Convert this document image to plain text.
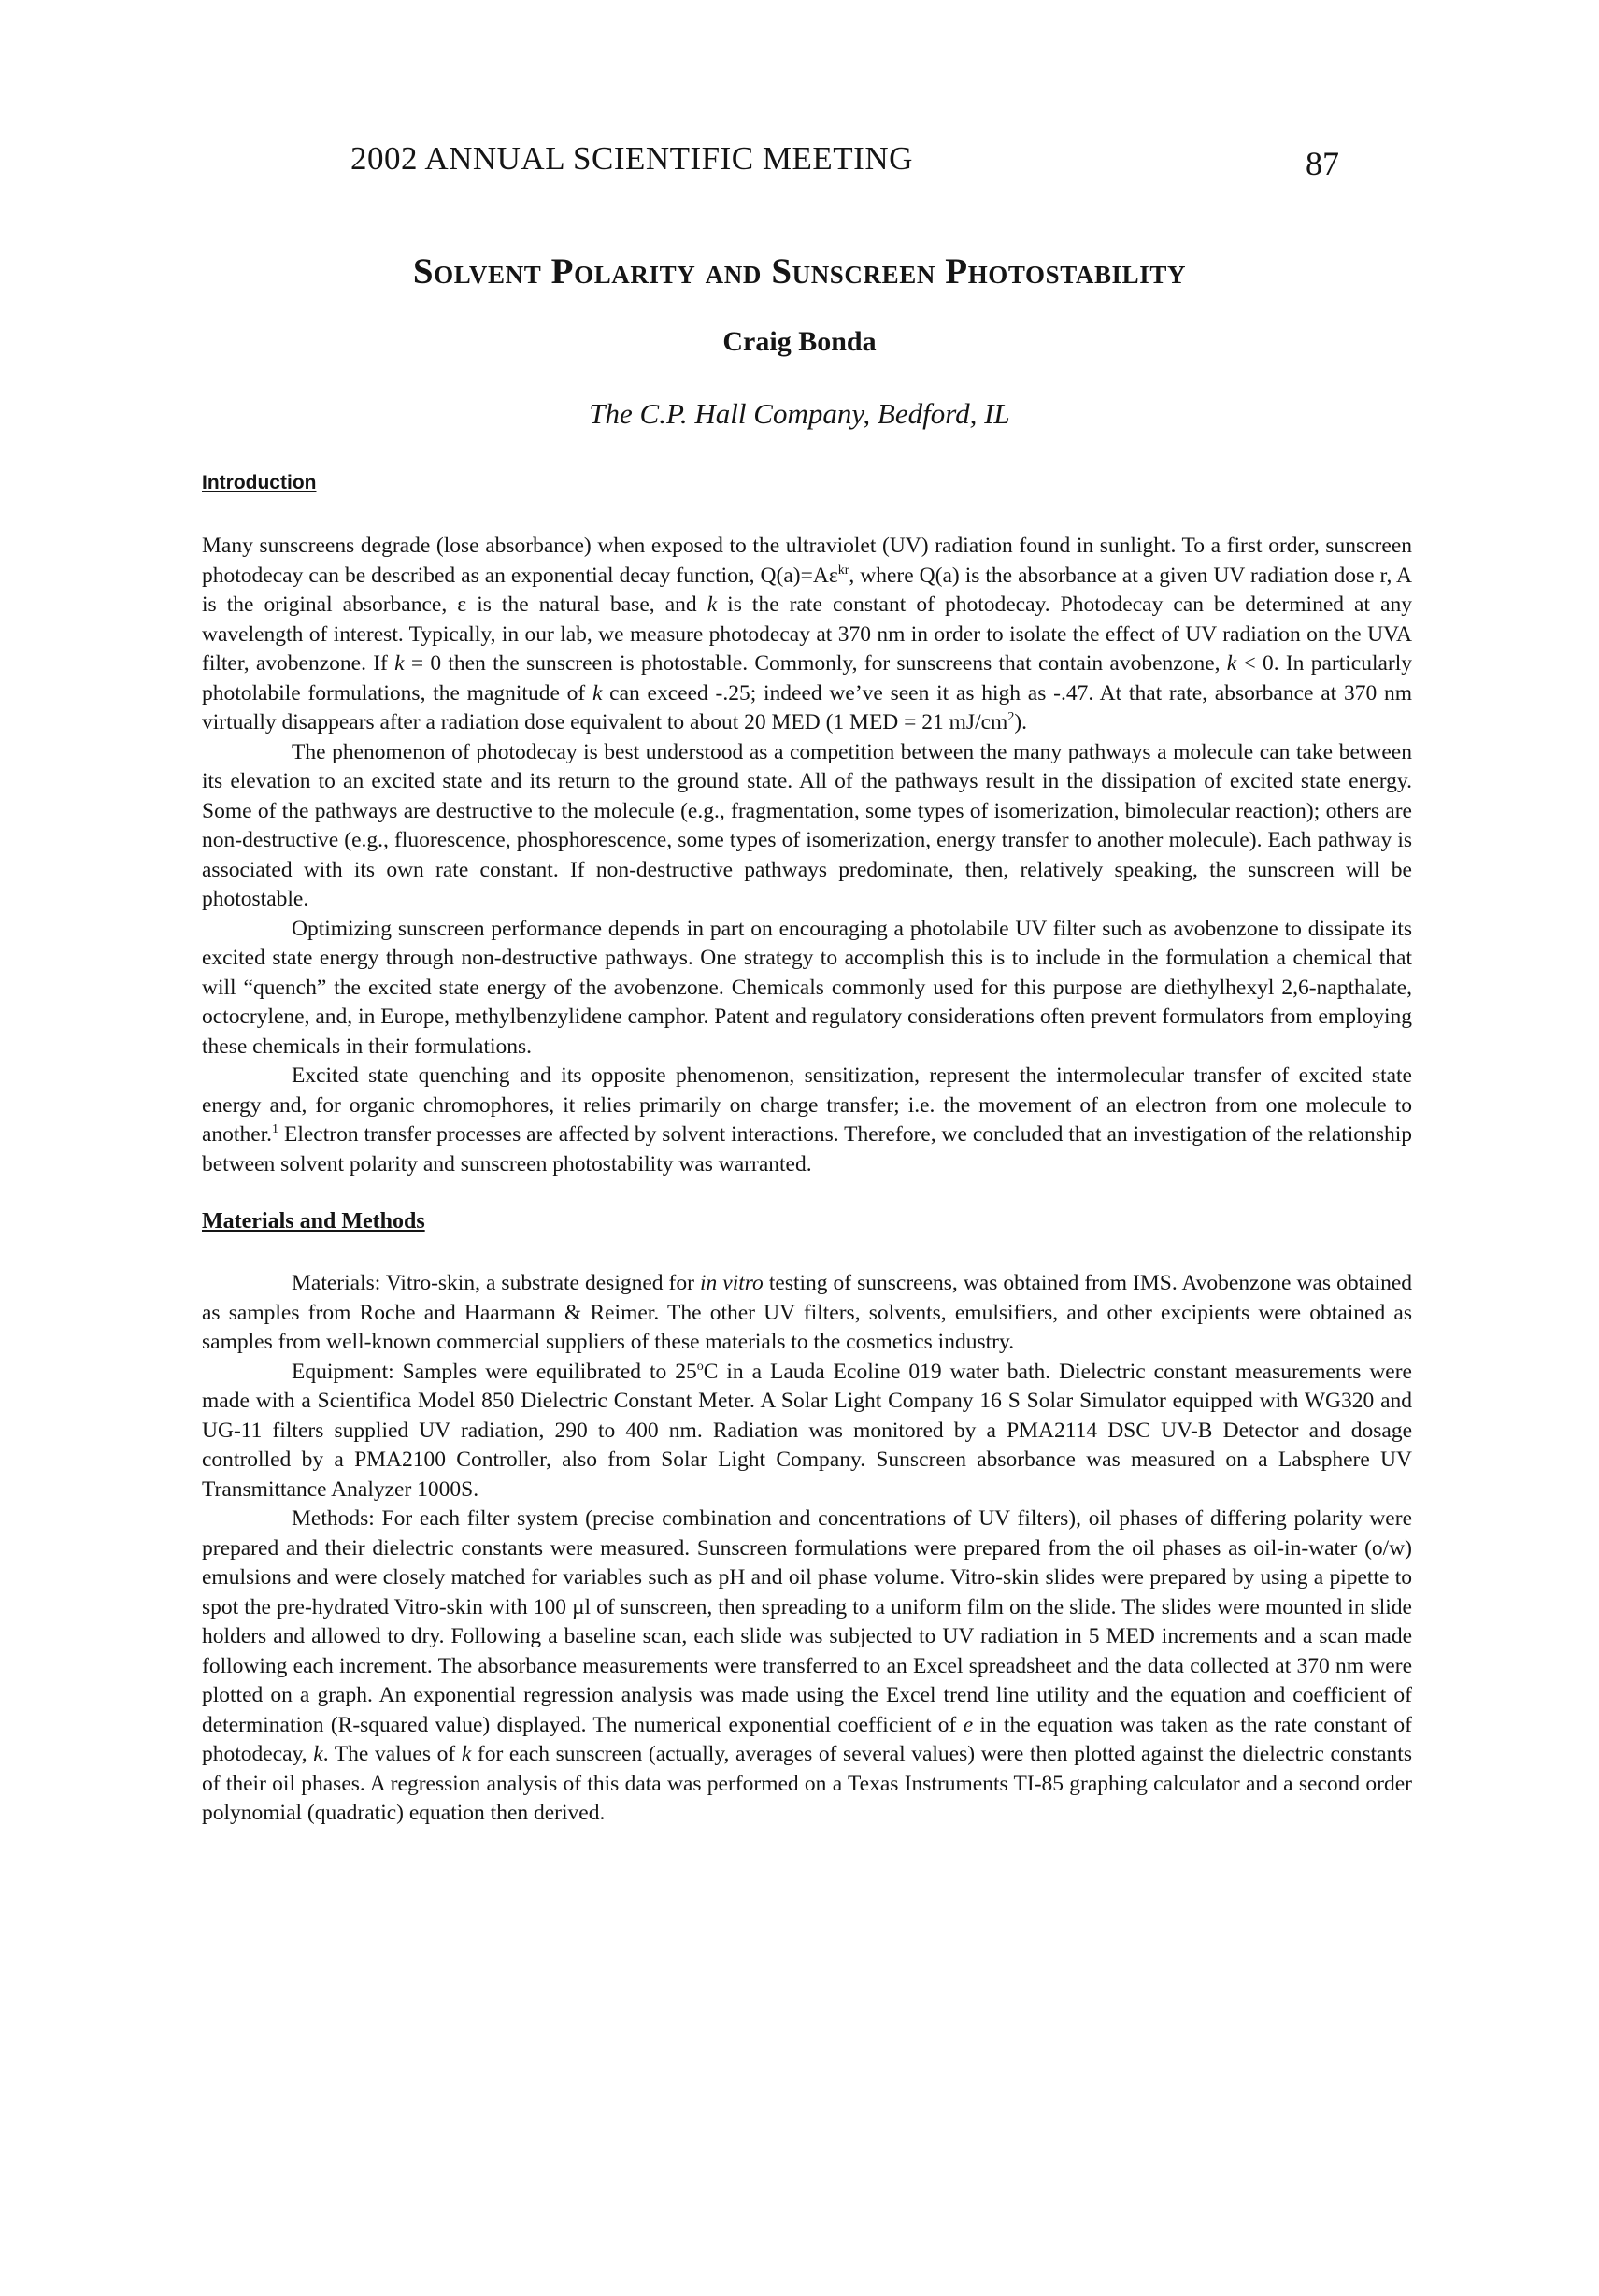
2002 ANNUAL SCIENTIFIC MEETING	87
Solvent Polarity and Sunscreen Photostability
Craig Bonda
The C.P. Hall Company, Bedford, IL
Introduction

Many sunscreens degrade (lose absorbance) when exposed to the ultraviolet (UV) radiation found in sunlight. To a first order, sunscreen photodecay can be described as an exponential decay function, $Q(a)=A\varepsilon^{kr}$, where Q(a) is the absorbance at a given UV radiation dose r, A is the original absorbance, ε is the natural base, and k is the rate constant of photodecay. Photodecay can be determined at any wavelength of interest. Typically, in our lab, we measure photodecay at 370 nm in order to isolate the effect of UV radiation on the UVA filter, avobenzone. If k = 0 then the sunscreen is photostable. Commonly, for sunscreens that contain avobenzone, k < 0. In particularly photolabile formulations, the magnitude of k can exceed -.25; indeed we’ve seen it as high as -.47. At that rate, absorbance at 370 nm virtually disappears after a radiation dose equivalent to about 20 MED (1 MED = 21 $mJ/cm^2$).

The phenomenon of photodecay is best understood as a competition between the many pathways a molecule can take between its elevation to an excited state and its return to the ground state. All of the pathways result in the dissipation of excited state energy. Some of the pathways are destructive to the molecule (e.g., fragmentation, some types of isomerization, bimolecular reaction); others are non-destructive (e.g., fluorescence, phosphorescence, some types of isomerization, energy transfer to another molecule). Each pathway is associated with its own rate constant. If non-destructive pathways predominate, then, relatively speaking, the sunscreen will be photostable.

Optimizing sunscreen performance depends in part on encouraging a photolabile UV filter such as avobenzone to dissipate its excited state energy through non-destructive pathways. One strategy to accomplish this is to include in the formulation a chemical that will “quench” the excited state energy of the avobenzone. Chemicals commonly used for this purpose are diethylhexyl 2,6-napthalate, octocrylene, and, in Europe, methylbenzylidene camphor. Patent and regulatory considerations often prevent formulators from employing these chemicals in their formulations.

Excited state quenching and its opposite phenomenon, sensitization, represent the intermolecular transfer of excited state energy and, for organic chromophores, it relies primarily on charge transfer; i.e. the movement of an electron from one molecule to another.$^1$ Electron transfer processes are affected by solvent interactions. Therefore, we concluded that an investigation of the relationship between solvent polarity and sunscreen photostability was warranted.

Materials and Methods

Materials: Vitro-skin, a substrate designed for in vitro testing of sunscreens, was obtained from IMS. Avobenzone was obtained as samples from Roche and Haarmann & Reimer. The other UV filters, solvents, emulsifiers, and other excipients were obtained as samples from well-known commercial suppliers of these materials to the cosmetics industry.

Equipment: Samples were equilibrated to 25$^o$C in a Lauda Ecoline 019 water bath. Dielectric constant measurements were made with a Scientifica Model 850 Dielectric Constant Meter. A Solar Light Company 16 S Solar Simulator equipped with WG320 and UG-11 filters supplied UV radiation, 290 to 400 nm. Radiation was monitored by a PMA2114 DSC UV-B Detector and dosage controlled by a PMA2100 Controller, also from Solar Light Company. Sunscreen absorbance was measured on a Labsphere UV Transmittance Analyzer 1000S.

Methods: For each filter system (precise combination and concentrations of UV filters), oil phases of differing polarity were prepared and their dielectric constants were measured. Sunscreen formulations were prepared from the oil phases as oil-in-water (o/w) emulsions and were closely matched for variables such as pH and oil phase volume. Vitro-skin slides were prepared by using a pipette to spot the pre-hydrated Vitro-skin with 100 µl of sunscreen, then spreading to a uniform film on the slide. The slides were mounted in slide holders and allowed to dry. Following a baseline scan, each slide was subjected to UV radiation in 5 MED increments and a scan made following each increment. The absorbance measurements were transferred to an Excel spreadsheet and the data collected at 370 nm were plotted on a graph. An exponential regression analysis was made using the Excel trend line utility and the equation and coefficient of determination (R-squared value) displayed. The numerical exponential coefficient of e in the equation was taken as the rate constant of photodecay, k. The values of k for each sunscreen (actually, averages of several values) were then plotted against the dielectric constants of their oil phases. A regression analysis of this data was performed on a Texas Instruments TI-85 graphing calculator and a second order polynomial (quadratic) equation then derived.
